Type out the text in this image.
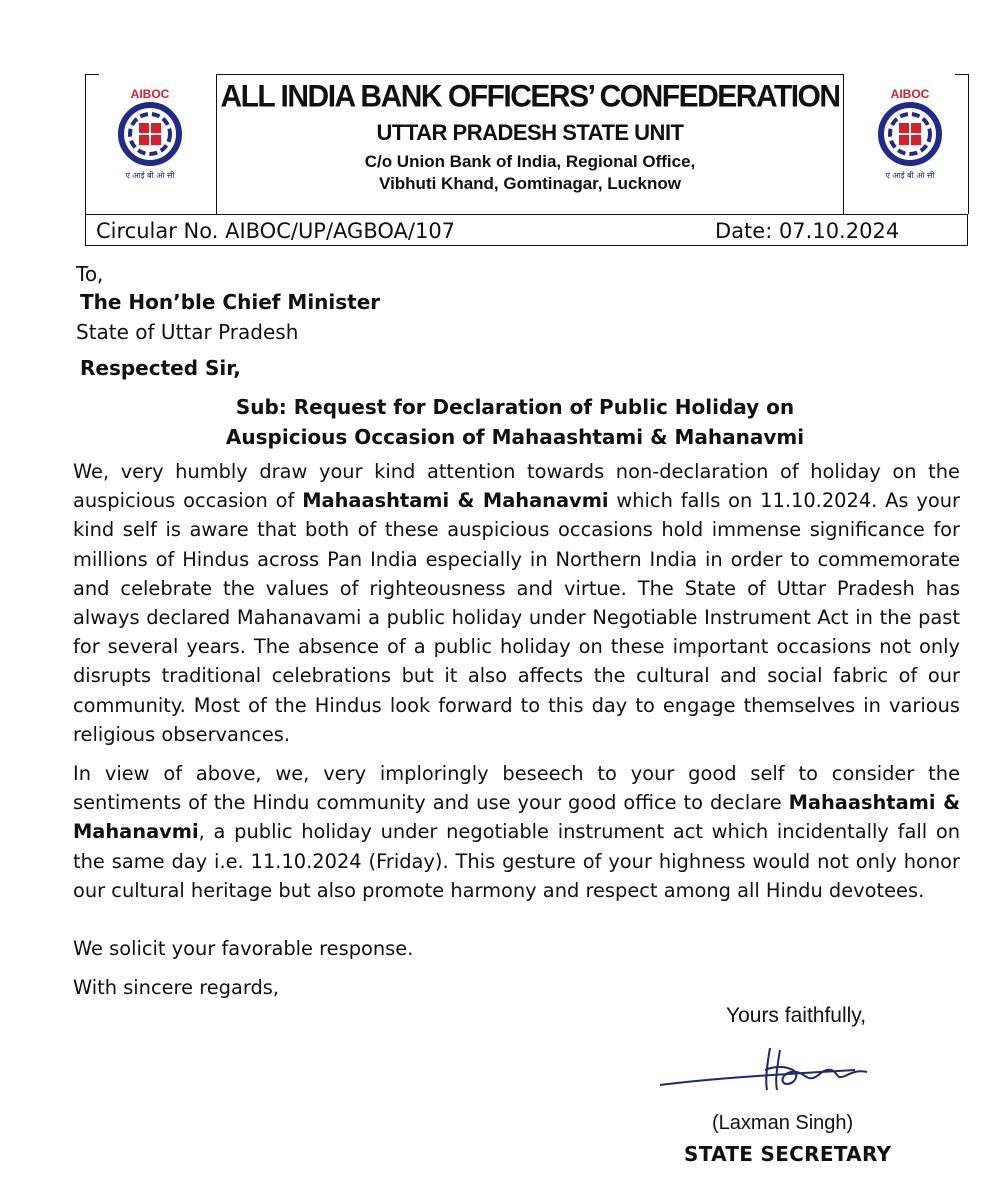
AIBOC
ए आई बी ओ सी
AIBOC
ए आई बी ओ सी
ALL INDIA BANK OFFICERS’ CONFEDERATION
UTTAR PRADESH STATE UNIT
C/o Union Bank of India, Regional Office,
Vibhuti Khand, Gomtinagar, Lucknow
Circular No. AIBOC/UP/AGBOA/107	Date: 07.10.2024
To,
The Hon’ble Chief Minister
State of Uttar Pradesh
Respected Sir,
Sub: Request for Declaration of Public Holiday on
Auspicious Occasion of Mahaashtami & Mahanavmi

We, very humbly draw your kind attention towards non-declaration of holiday on the auspicious occasion of Mahaashtami & Mahanavmi which falls on 11.10.2024. As your kind self is aware that both of these auspicious occasions hold immense significance for millions of Hindus across Pan India especially in Northern India in order to commemorate and celebrate the values of righteousness and virtue. The State of Uttar Pradesh has always declared Mahanavami a public holiday under Negotiable Instrument Act in the past for several years. The absence of a public holiday on these important occasions not only disrupts traditional celebrations but it also affects the cultural and social fabric of our community. Most of the Hindus look forward to this day to engage themselves in various religious observances.

In view of above, we, very imploringly beseech to your good self to consider the sentiments of the Hindu community and use your good office to declare Mahaashtami & Mahanavmi, a public holiday under negotiable instrument act which incidentally fall on the same day i.e. 11.10.2024 (Friday). This gesture of your highness would not only honor our cultural heritage but also promote harmony and respect among all Hindu devotees.

We solicit your favorable response.
With sincere regards,
Yours faithfully,
(Laxman Singh)
STATE SECRETARY
